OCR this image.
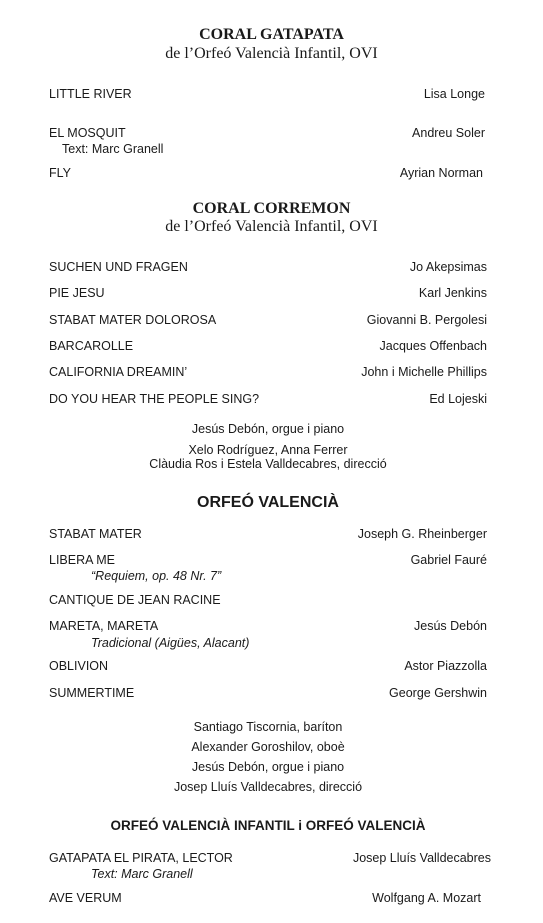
CORAL GATAPATA
de l’Orfeó Valencià Infantil, OVI
LITTLE RIVER	Lisa Longe
EL MOSQUIT	Andreu Soler
Text: Marc Granell
FLY	Ayrian Norman
CORAL CORREMON
de l’Orfeó Valencià Infantil, OVI
SUCHEN UND FRAGEN	Jo Akepsimas
PIE JESU	Karl Jenkins
STABAT MATER DOLOROSA	Giovanni B. Pergolesi
BARCAROLLE	Jacques Offenbach
CALIFORNIA DREAMIN’	John i Michelle Phillips
DO YOU HEAR THE PEOPLE SING?	Ed Lojeski
Jesús Debón, orgue i piano
Xelo Rodríguez, Anna Ferrer
Clàudia Ros i Estela Valldecabres, direcció
ORFEÓ VALENCIÀ
STABAT MATER	Joseph G. Rheinberger
LIBERA ME	Gabriel Fauré
“Requiem, op. 48 Nr. 7”
CANTIQUE DE JEAN RACINE
MARETA, MARETA	Jesús Debón
Tradicional (Aigües, Alacant)
OBLIVION	Astor Piazzolla
SUMMERTIME	George Gershwin
Santiago Tiscornia, baríton
Alexander Goroshilov, oboè
Jesús Debón, orgue i piano
Josep Lluís Valldecabres, direcció
ORFEÓ VALENCIÀ INFANTIL i ORFEÓ VALENCIÀ
GATAPATA EL PIRATA, LECTOR	Josep Lluís Valldecabres
Text: Marc Granell
AVE VERUM	Wolfgang A. Mozart
